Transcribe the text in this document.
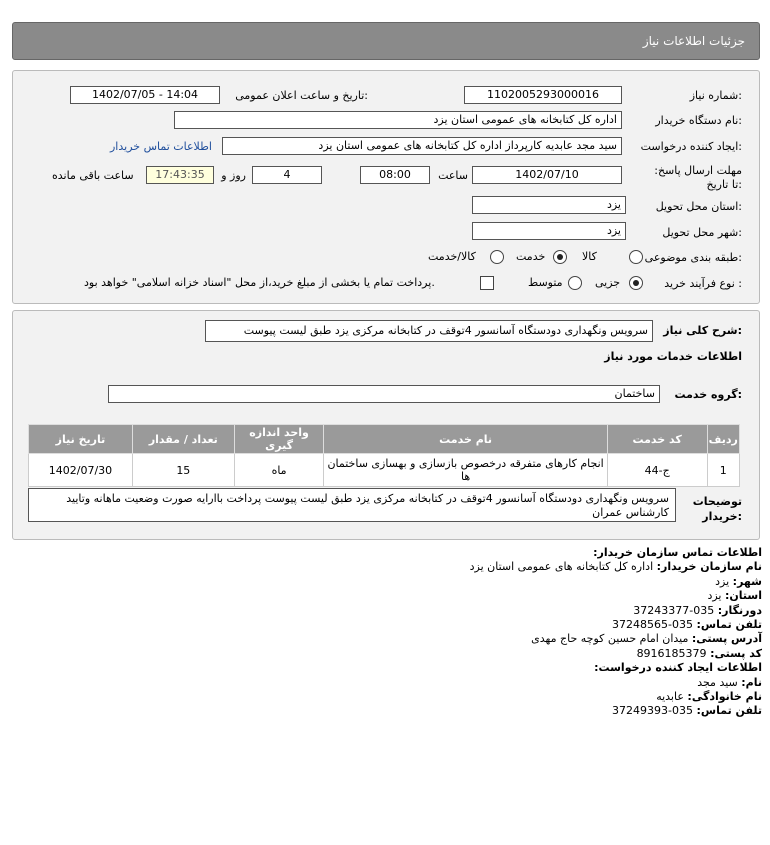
جزئیات اطلاعات نیاز
شماره نیاز:
1102005293000016
تاریخ و ساعت اعلان عمومی:
1402/07/05 - 14:04
نام دستگاه خریدار:
اداره کل کتابخانه های عمومی استان یزد
ایجاد کننده درخواست:
سید مجد عابدیه کارپرداز اداره کل کتابخانه های عمومی استان یزد
اطلاعات تماس خریدار
مهلت ارسال پاسخ: تا تاریخ:
1402/07/10
ساعت
08:00
4
روز و
17:43:35
ساعت باقی مانده
استان محل تحویل:
یزد
شهر محل تحویل:
یزد
طبقه بندی موضوعی:
کالا
خدمت
کالا/خدمت
نوع فرآیند خرید :
جزیی
متوسط
پرداخت تمام یا بخشی از مبلغ خرید،از محل "اسناد خزانه اسلامی" خواهد بود.
شرح کلی نیاز:
سرویس ونگهداری دودستگاه آسانسور 4توقف در کتابخانه مرکزی یزد طبق لیست پیوست
اطلاعات خدمات مورد نیاز
گروه خدمت:
ساختمان
ردیف	کد خدمت	نام خدمت	واحد اندازه گیری	تعداد / مقدار	تاریخ نیاز
1	ج-44	انجام کارهای متفرقه درخصوص بازسازی و بهسازی ساختمان ها	ماه	15	1402/07/30
توضیحات خریدار:
سرویس ونگهداری دودستگاه آسانسور 4توقف در کتابخانه مرکزی یزد طبق لیست پیوست پرداخت باارایه صورت وضعیت ماهانه وتایید کارشناس عمران
اطلاعات تماس سازمان خریدار:
نام سازمان خریدار: اداره کل کتابخانه های عمومی استان یزد
شهر: یزد
استان: یزد
دورنگار: 035-37243377
تلفن تماس: 035-37248565
آدرس پستی: میدان امام حسین کوچه حاج مهدی
کد پستی: 8916185379
اطلاعات ایجاد کننده درخواست:
نام: سید مجد
نام خانوادگی: عابدیه
تلفن تماس: 035-37249393
